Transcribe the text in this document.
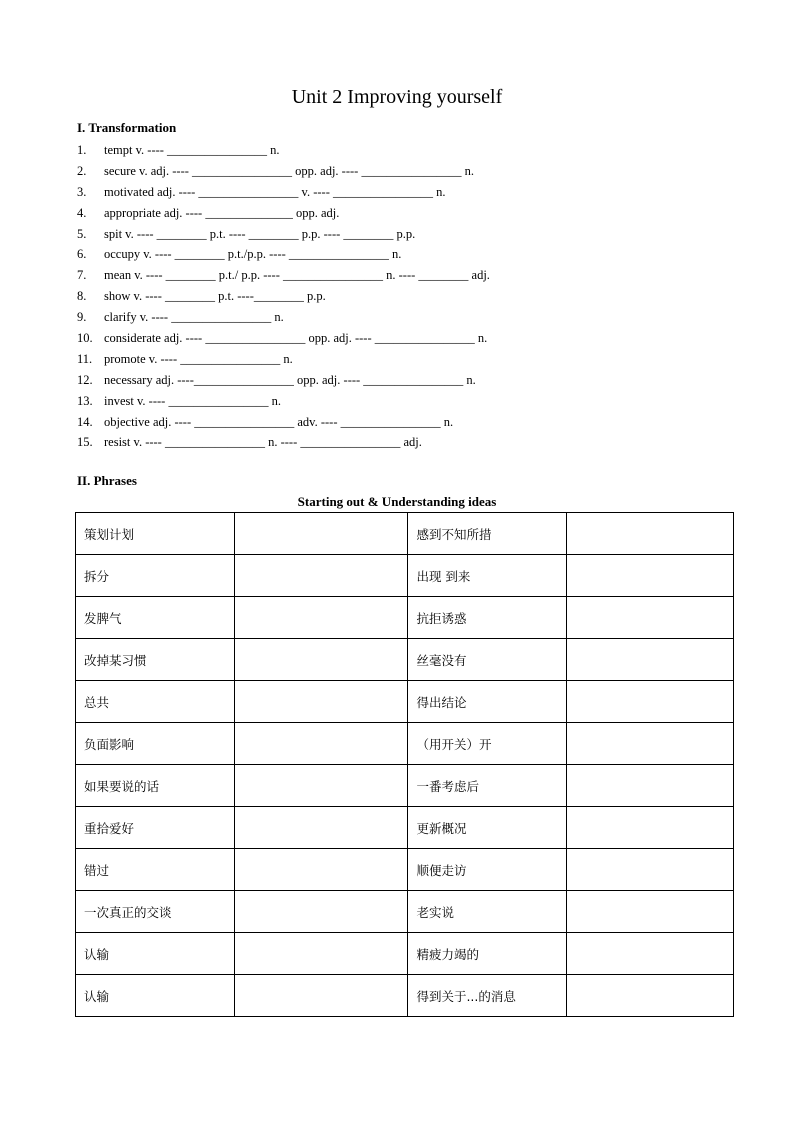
Unit 2 Improving yourself
I. Transformation
1. tempt v. ---- ________________ n.
2. secure v. adj. ---- ________________ opp. adj. ---- ________________ n.
3. motivated adj. ---- ________________ v. ---- ________________ n.
4. appropriate adj. ---- ______________ opp. adj.
5. spit v. ---- ________ p.t. ---- ________ p.p. ---- ________ p.p.
6. occupy v. ---- ________ p.t./p.p. ---- ________________ n.
7. mean v. ---- ________ p.t./ p.p. ---- ________________ n. ---- ________ adj.
8. show v. ---- ________ p.t. ----________ p.p.
9. clarify v. ---- ________________ n.
10. considerate adj. ---- ________________ opp. adj. ---- ________________ n.
11. promote v. ---- ________________ n.
12. necessary adj. ----________________ opp. adj. ---- ________________ n.
13. invest v. ---- ________________ n.
14. objective adj. ---- ________________ adv. ---- ________________ n.
15. resist v. ---- ________________ n. ---- ________________ adj.
II. Phrases
Starting out & Understanding ideas
策划计划		感到不知所措	
拆分		出现 到来	
发脾气		抗拒诱惑	
改掉某习惯		丝毫没有	
总共		得出结论	
负面影响		（用开关）开	
如果要说的话		一番考虑后	
重拾爱好		更新概况	
错过		顺便走访	
一次真正的交谈		老实说	
认输		精疲力竭的	
认输		得到关于...的消息	
